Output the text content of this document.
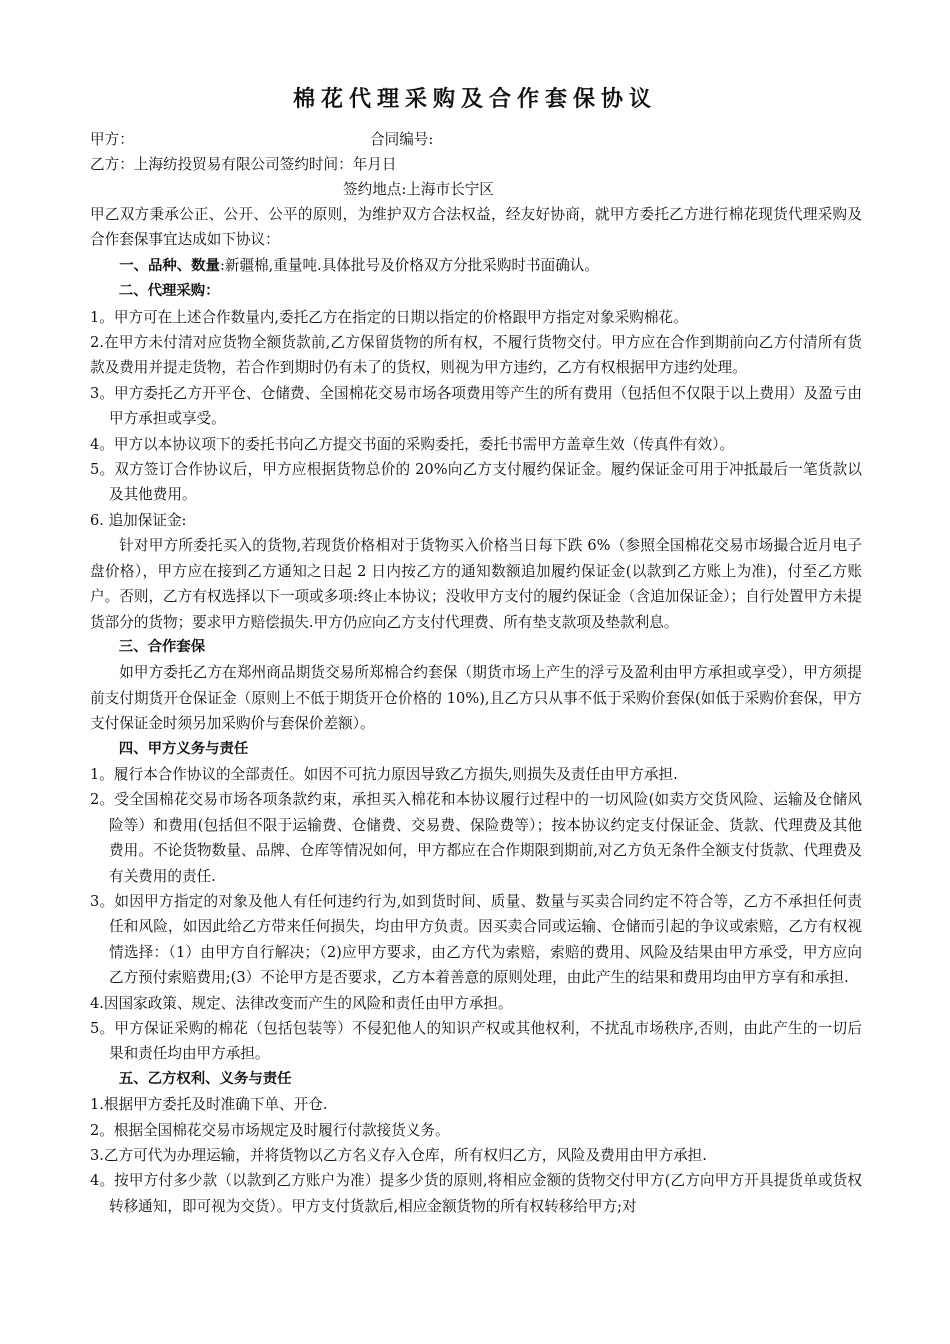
棉花代理采购及合作套保协议
甲方：	合同编号:
乙方：上海纺投贸易有限公司签约时间：年月日
签约地点:上海市长宁区

甲乙双方秉承公正、公开、公平的原则，为维护双方合法权益，经友好协商，就甲方委托乙方进行棉花现货代理采购及合作套保事宜达成如下协议：

一、品种、数量:新疆棉,重量吨.具体批号及价格双方分批采购时书面确认。

二、代理采购：

1。甲方可在上述合作数量内,委托乙方在指定的日期以指定的价格跟甲方指定对象采购棉花。

2.在甲方未付清对应货物全额货款前,乙方保留货物的所有权，不履行货物交付。甲方应在合作到期前向乙方付清所有货款及费用并提走货物，若合作到期时仍有未了的货权，则视为甲方违约，乙方有权根据甲方违约处理。

3。甲方委托乙方开平仓、仓储费、全国棉花交易市场各项费用等产生的所有费用（包括但不仅限于以上费用）及盈亏由甲方承担或享受。

4。甲方以本协议项下的委托书向乙方提交书面的采购委托，委托书需甲方盖章生效（传真件有效）。

5。双方签订合作协议后，甲方应根据货物总价的 20%向乙方支付履约保证金。履约保证金可用于冲抵最后一笔货款以及其他费用。

6. 追加保证金:

针对甲方所委托买入的货物,若现货价格相对于货物买入价格当日每下跌 6%（参照全国棉花交易市场撮合近月电子盘价格），甲方应在接到乙方通知之日起 2 日内按乙方的通知数额追加履约保证金(以款到乙方账上为准)，付至乙方账户。否则，乙方有权选择以下一项或多项:终止本协议；没收甲方支付的履约保证金（含追加保证金）；自行处置甲方未提货部分的货物；要求甲方赔偿损失.甲方仍应向乙方支付代理费、所有垫支款项及垫款利息。

三、合作套保

如甲方委托乙方在郑州商品期货交易所郑棉合约套保（期货市场上产生的浮亏及盈利由甲方承担或享受），甲方须提前支付期货开仓保证金（原则上不低于期货开仓价格的 10%),且乙方只从事不低于采购价套保(如低于采购价套保，甲方支付保证金时须另加采购价与套保价差额）。

四、甲方义务与责任

1。履行本合作协议的全部责任。如因不可抗力原因导致乙方损失,则损失及责任由甲方承担.

2。受全国棉花交易市场各项条款约束，承担买入棉花和本协议履行过程中的一切风险(如卖方交货风险、运输及仓储风险等）和费用(包括但不限于运输费、仓储费、交易费、保险费等）；按本协议约定支付保证金、货款、代理费及其他费用。不论货物数量、品牌、仓库等情况如何，甲方都应在合作期限到期前,对乙方负无条件全额支付货款、代理费及有关费用的责任.

3。如因甲方指定的对象及他人有任何违约行为,如到货时间、质量、数量与买卖合同约定不符合等，乙方不承担任何责任和风险，如因此给乙方带来任何损失，均由甲方负责。因买卖合同或运输、仓储而引起的争议或索赔，乙方有权视情选择：（1）由甲方自行解决；（2)应甲方要求，由乙方代为索赔，索赔的费用、风险及结果由甲方承受，甲方应向乙方预付索赔费用;(3）不论甲方是否要求，乙方本着善意的原则处理，由此产生的结果和费用均由甲方享有和承担.

4.因国家政策、规定、法律改变而产生的风险和责任由甲方承担。

5。甲方保证采购的棉花（包括包装等）不侵犯他人的知识产权或其他权利，不扰乱市场秩序,否则，由此产生的一切后果和责任均由甲方承担。

五、乙方权利、义务与责任

1.根据甲方委托及时准确下单、开仓.

2。根据全国棉花交易市场规定及时履行付款接货义务。

3.乙方可代为办理运输，并将货物以乙方名义存入仓库，所有权归乙方，风险及费用由甲方承担.

4。按甲方付多少款（以款到乙方账户为准）提多少货的原则,将相应金额的货物交付甲方(乙方向甲方开具提货单或货权转移通知，即可视为交货）。甲方支付货款后,相应金额货物的所有权转移给甲方;对
